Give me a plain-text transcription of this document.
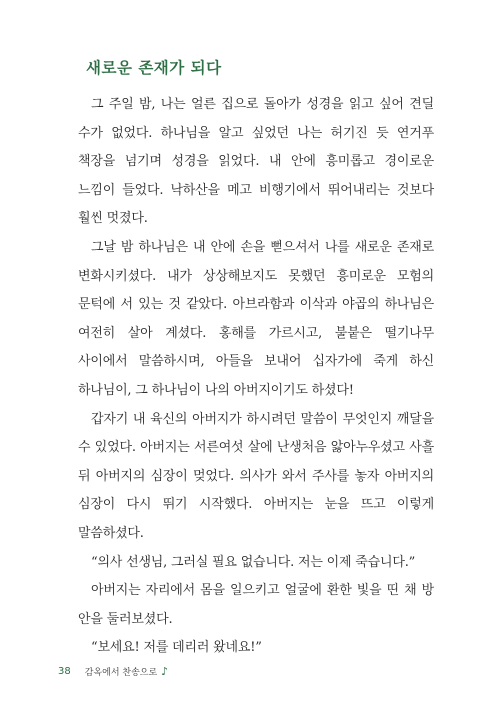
새로운 존재가 되다

그 주일 밤, 나는 얼른 집으로 돌아가 성경을 읽고 싶어 견딜 수가 없었다. 하나님을 알고 싶었던 나는 허기진 듯 연거푸 책장을 넘기며 성경을 읽었다. 내 안에 흥미롭고 경이로운 느낌이 들었다. 낙하산을 메고 비행기에서 뛰어내리는 것보다 훨씬 멋졌다.

그날 밤 하나님은 내 안에 손을 뻗으셔서 나를 새로운 존재로 변화시키셨다. 내가 상상해보지도 못했던 흥미로운 모험의 문턱에 서 있는 것 같았다. 아브라함과 이삭과 야곱의 하나님은 여전히 살아 계셨다. 홍해를 가르시고, 불붙은 떨기나무 사이에서 말씀하시며, 아들을 보내어 십자가에 죽게 하신 하나님이, 그 하나님이 나의 아버지이기도 하셨다!

갑자기 내 육신의 아버지가 하시려던 말씀이 무엇인지 깨달을 수 있었다. 아버지는 서른여섯 살에 난생처음 앓아누우셨고 사흘 뒤 아버지의 심장이 멎었다. 의사가 와서 주사를 놓자 아버지의 심장이 다시 뛰기 시작했다. 아버지는 눈을 뜨고 이렇게 말씀하셨다.

“의사 선생님, 그러실 필요 없습니다. 저는 이제 죽습니다.”

아버지는 자리에서 몸을 일으키고 얼굴에 환한 빛을 띤 채 방 안을 둘러보셨다.

“보세요! 저를 데리러 왔네요!”

38 감옥에서 찬송으로 ♪
